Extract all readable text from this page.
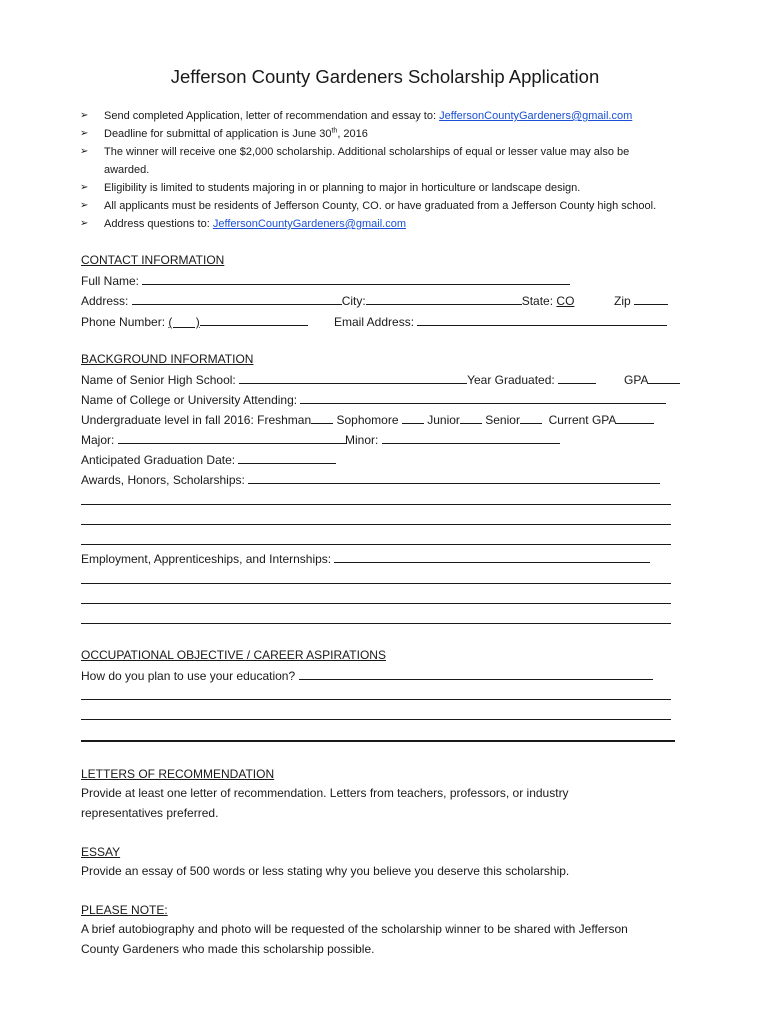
Jefferson County Gardeners Scholarship Application
➢ Send completed Application, letter of recommendation and essay to: JeffersonCountyGardeners@gmail.com
➢ Deadline for submittal of application is June 30th, 2016
➢ The winner will receive one $2,000 scholarship. Additional scholarships of equal or lesser value may also be
awarded.
➢ Eligibility is limited to students majoring in or planning to major in horticulture or landscape design.
➢ All applicants must be residents of Jefferson County, CO. or have graduated from a Jefferson County high school.
➢ Address questions to: JeffersonCountyGardeners@gmail.com
CONTACT INFORMATION
Full Name:
Address:	City:	State: CO	Zip
Phone Number: (       )	Email Address:
BACKGROUND INFORMATION
Name of Senior High School:	Year Graduated:	GPA
Name of College or University Attending:
Undergraduate level in fall 2016: Freshman Sophomore Junior Senior Current GPA
Major:	Minor:
Anticipated Graduation Date:
Awards, Honors, Scholarships:
Employment, Apprenticeships, and Internships:
OCCUPATIONAL OBJECTIVE / CAREER ASPIRATIONS
How do you plan to use your education?
LETTERS OF RECOMMENDATION
Provide at least one letter of recommendation. Letters from teachers, professors, or industry
representatives preferred.
ESSAY
Provide an essay of 500 words or less stating why you believe you deserve this scholarship.
PLEASE NOTE:
A brief autobiography and photo will be requested of the scholarship winner to be shared with Jefferson
County Gardeners who made this scholarship possible.
